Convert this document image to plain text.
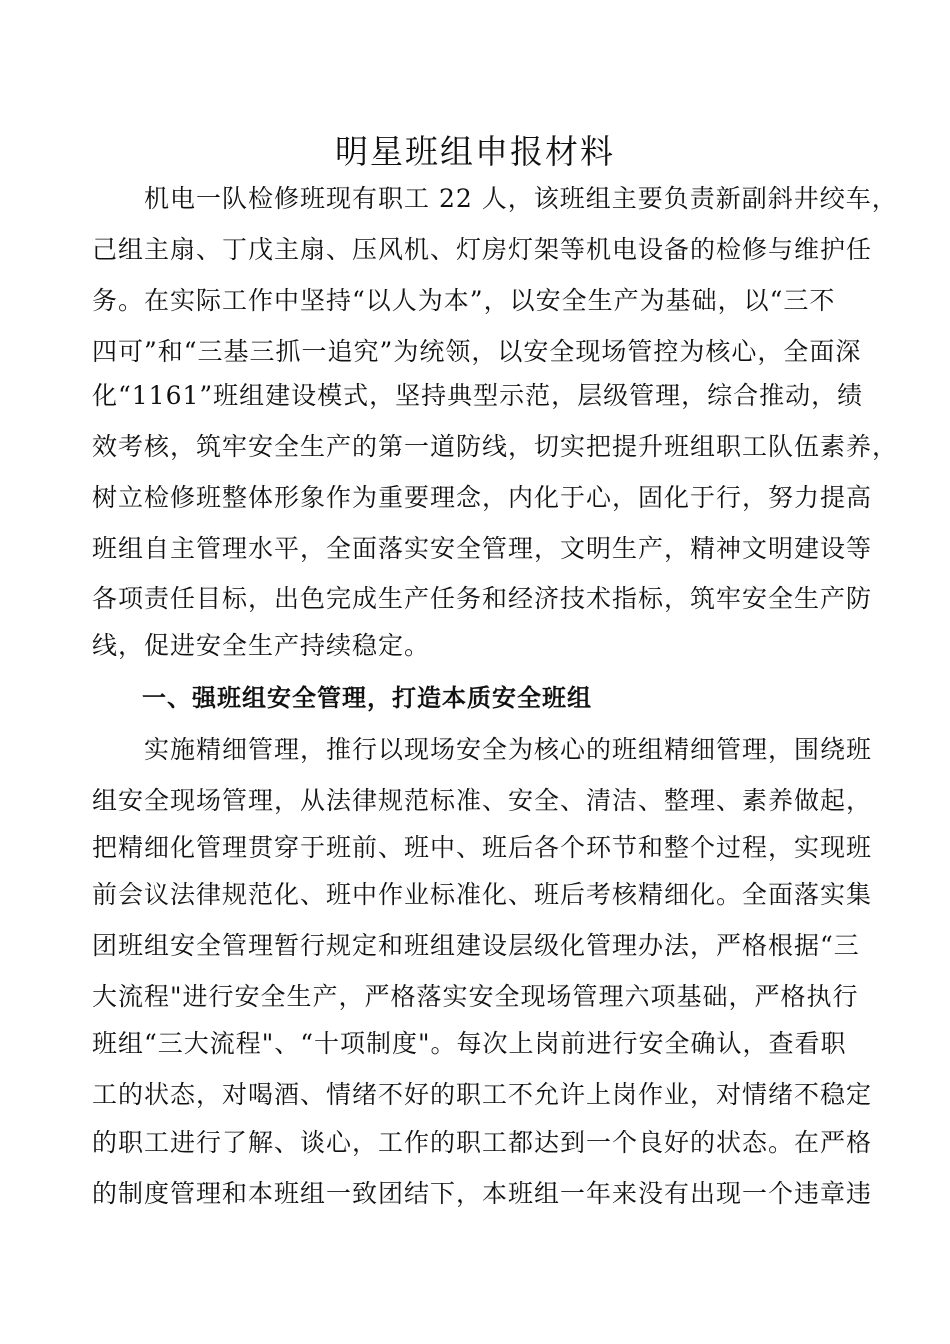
明星班组申报材料
　　机电一队检修班现有职工 22 人，该班组主要负责新副斜井绞车，
己组主扇、丁戊主扇、压风机、灯房灯架等机电设备的检修与维护任
务。在实际工作中坚持“以人为本”，以安全生产为基础，以“三不
四可”和“三基三抓一追究”为统领，以安全现场管控为核心，全面深
化“1161”班组建设模式，坚持典型示范，层级管理，综合推动，绩
效考核，筑牢安全生产的第一道防线，切实把提升班组职工队伍素养，
树立检修班整体形象作为重要理念，内化于心，固化于行，努力提高
班组自主管理水平，全面落实安全管理，文明生产，精神文明建设等
各项责任目标，出色完成生产任务和经济技术指标，筑牢安全生产防
线，促进安全生产持续稳定。
　　一、强班组安全管理，打造本质安全班组
　　实施精细管理，推行以现场安全为核心的班组精细管理，围绕班
组安全现场管理，从法律规范标准、安全、清洁、整理、素养做起，
把精细化管理贯穿于班前、班中、班后各个环节和整个过程，实现班
前会议法律规范化、班中作业标准化、班后考核精细化。全面落实集
团班组安全管理暂行规定和班组建设层级化管理办法，严格根据“三
大流程"进行安全生产，严格落实安全现场管理六项基础，严格执行
班组“三大流程"、“十项制度"。每次上岗前进行安全确认，查看职
工的状态，对喝酒、情绪不好的职工不允许上岗作业，对情绪不稳定
的职工进行了解、谈心，工作的职工都达到一个良好的状态。在严格
的制度管理和本班组一致团结下，本班组一年来没有出现一个违章违
